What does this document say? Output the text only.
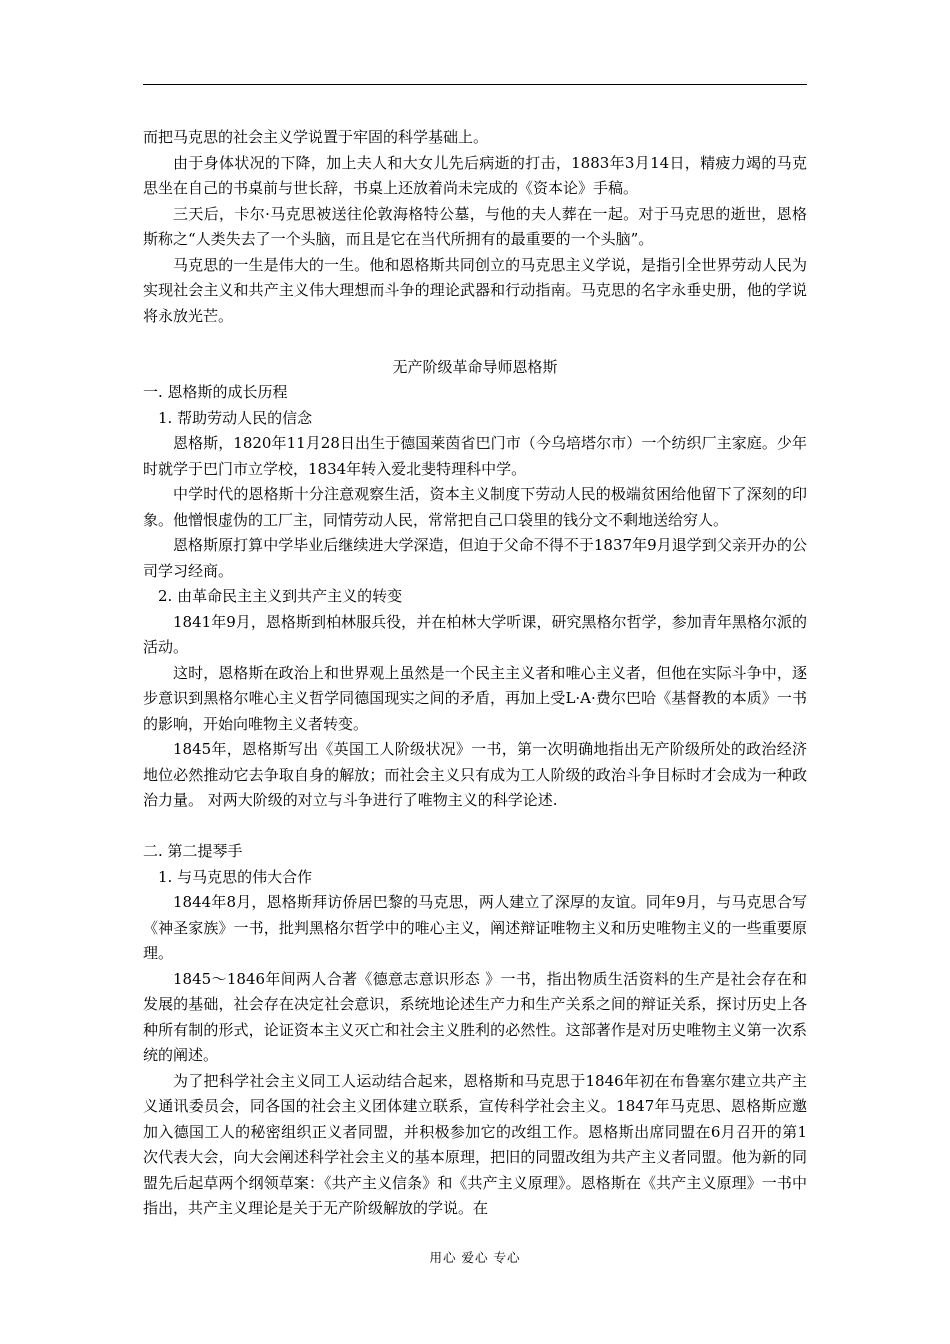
而把马克思的社会主义学说置于牢固的科学基础上。

由于身体状况的下降，加上夫人和大女儿先后病逝的打击，1883年3月14日，精疲力竭的马克思坐在自己的书桌前与世长辞，书桌上还放着尚未完成的《资本论》手稿。

三天后，卡尔·马克思被送往伦敦海格特公墓，与他的夫人葬在一起。对于马克思的逝世，恩格斯称之“人类失去了一个头脑，而且是它在当代所拥有的最重要的一个头脑”。

马克思的一生是伟大的一生。他和恩格斯共同创立的马克思主义学说，是指引全世界劳动人民为实现社会主义和共产主义伟大理想而斗争的理论武器和行动指南。马克思的名字永垂史册，他的学说将永放光芒。

无产阶级革命导师恩格斯

一. 恩格斯的成长历程

1. 帮助劳动人民的信念

恩格斯，1820年11月28日出生于德国莱茵省巴门市（今乌培塔尔市）一个纺织厂主家庭。少年时就学于巴门市立学校，1834年转入爱北斐特理科中学。

中学时代的恩格斯十分注意观察生活，资本主义制度下劳动人民的极端贫困给他留下了深刻的印象。他憎恨虚伪的工厂主，同情劳动人民，常常把自己口袋里的钱分文不剩地送给穷人。

恩格斯原打算中学毕业后继续进大学深造，但迫于父命不得不于1837年9月退学到父亲开办的公司学习经商。

2. 由革命民主主义到共产主义的转变

1841年9月，恩格斯到柏林服兵役，并在柏林大学听课，研究黑格尔哲学，参加青年黑格尔派的活动。

这时，恩格斯在政治上和世界观上虽然是一个民主主义者和唯心主义者，但他在实际斗争中，逐步意识到黑格尔唯心主义哲学同德国现实之间的矛盾，再加上受L·A·费尔巴哈《基督教的本质》一书的影响，开始向唯物主义者转变。

1845年，恩格斯写出《英国工人阶级状况》一书，第一次明确地指出无产阶级所处的政治经济地位必然推动它去争取自身的解放；而社会主义只有成为工人阶级的政治斗争目标时才会成为一种政治力量。 对两大阶级的对立与斗争进行了唯物主义的科学论述.

二. 第二提琴手

1. 与马克思的伟大合作

1844年8月，恩格斯拜访侨居巴黎的马克思，两人建立了深厚的友谊。同年9月，与马克思合写《神圣家族》一书，批判黑格尔哲学中的唯心主义，阐述辩证唯物主义和历史唯物主义的一些重要原理。

1845～1846年间两人合著《德意志意识形态 》一书，指出物质生活资料的生产是社会存在和发展的基础，社会存在决定社会意识，系统地论述生产力和生产关系之间的辩证关系，探讨历史上各种所有制的形式，论证资本主义灭亡和社会主义胜利的必然性。这部著作是对历史唯物主义第一次系统的阐述。

为了把科学社会主义同工人运动结合起来，恩格斯和马克思于1846年初在布鲁塞尔建立共产主义通讯委员会，同各国的社会主义团体建立联系，宣传科学社会主义。1847年马克思、恩格斯应邀加入德国工人的秘密组织正义者同盟，并积极参加它的改组工作。恩格斯出席同盟在6月召开的第1次代表大会，向大会阐述科学社会主义的基本原理，把旧的同盟改组为共产主义者同盟。他为新的同盟先后起草两个纲领草案：《共产主义信条》和《共产主义原理》。恩格斯在《共产主义原理》一书中指出，共产主义理论是关于无产阶级解放的学说。在

用心 爱心 专心
